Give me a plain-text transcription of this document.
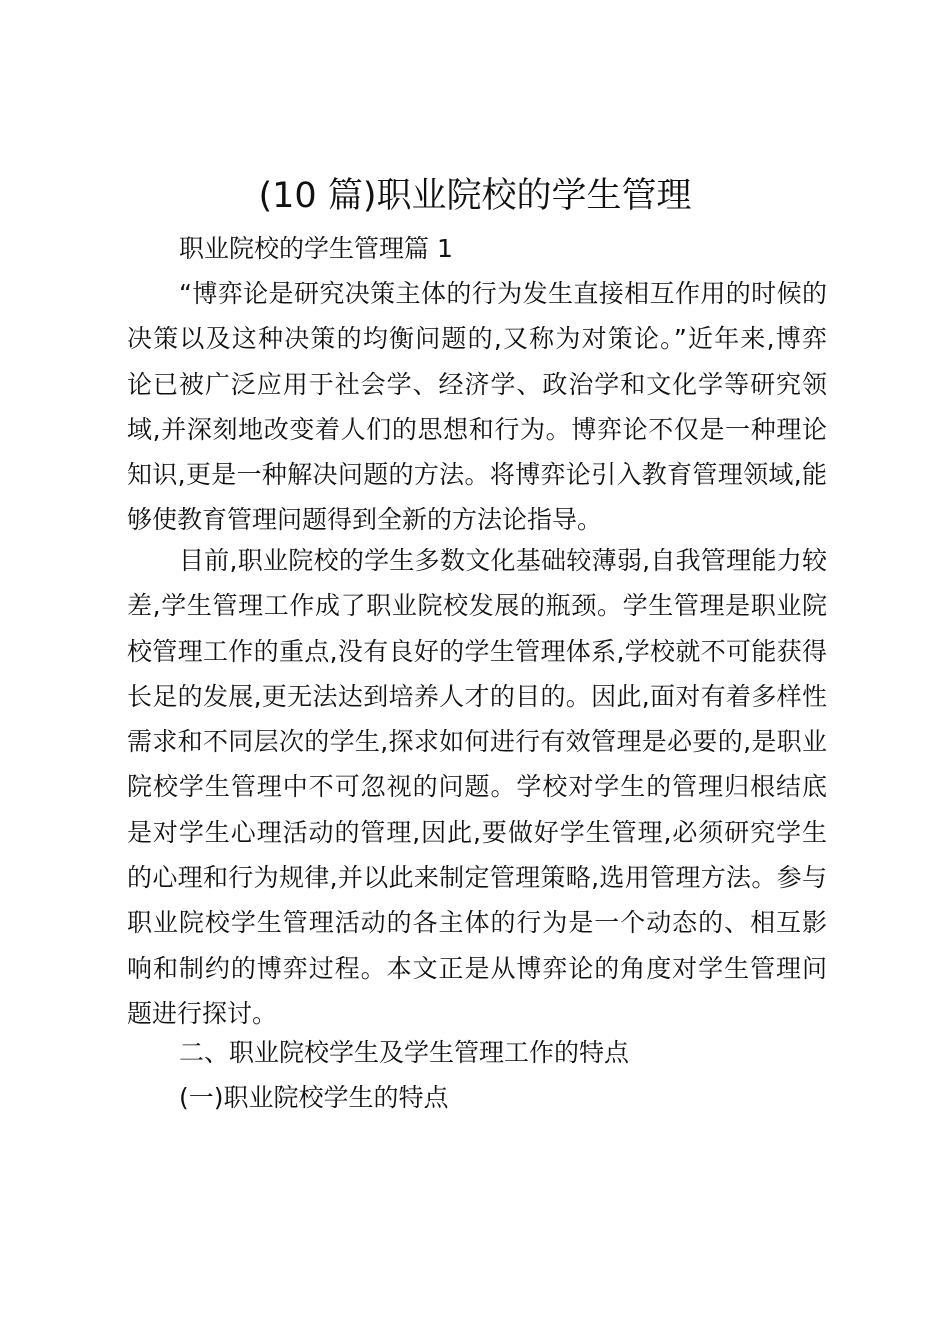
(10 篇)职业院校的学生管理
职业院校的学生管理篇 1
“博弈论是研究决策主体的行为发生直接相互作用的时候的
决策以及这种决策的均衡问题的,又称为对策论。”近年来,博弈
论已被广泛应用于社会学、经济学、政治学和文化学等研究领
域,并深刻地改变着人们的思想和行为。博弈论不仅是一种理论
知识,更是一种解决问题的方法。将博弈论引入教育管理领域,能
够使教育管理问题得到全新的方法论指导。
目前,职业院校的学生多数文化基础较薄弱,自我管理能力较
差,学生管理工作成了职业院校发展的瓶颈。学生管理是职业院
校管理工作的重点,没有良好的学生管理体系,学校就不可能获得
长足的发展,更无法达到培养人才的目的。因此,面对有着多样性
需求和不同层次的学生,探求如何进行有效管理是必要的,是职业
院校学生管理中不可忽视的问题。学校对学生的管理归根结底
是对学生心理活动的管理,因此,要做好学生管理,必须研究学生
的心理和行为规律,并以此来制定管理策略,选用管理方法。参与
职业院校学生管理活动的各主体的行为是一个动态的、相互影
响和制约的博弈过程。本文正是从博弈论的角度对学生管理问
题进行探讨。
二、职业院校学生及学生管理工作的特点
(一)职业院校学生的特点
